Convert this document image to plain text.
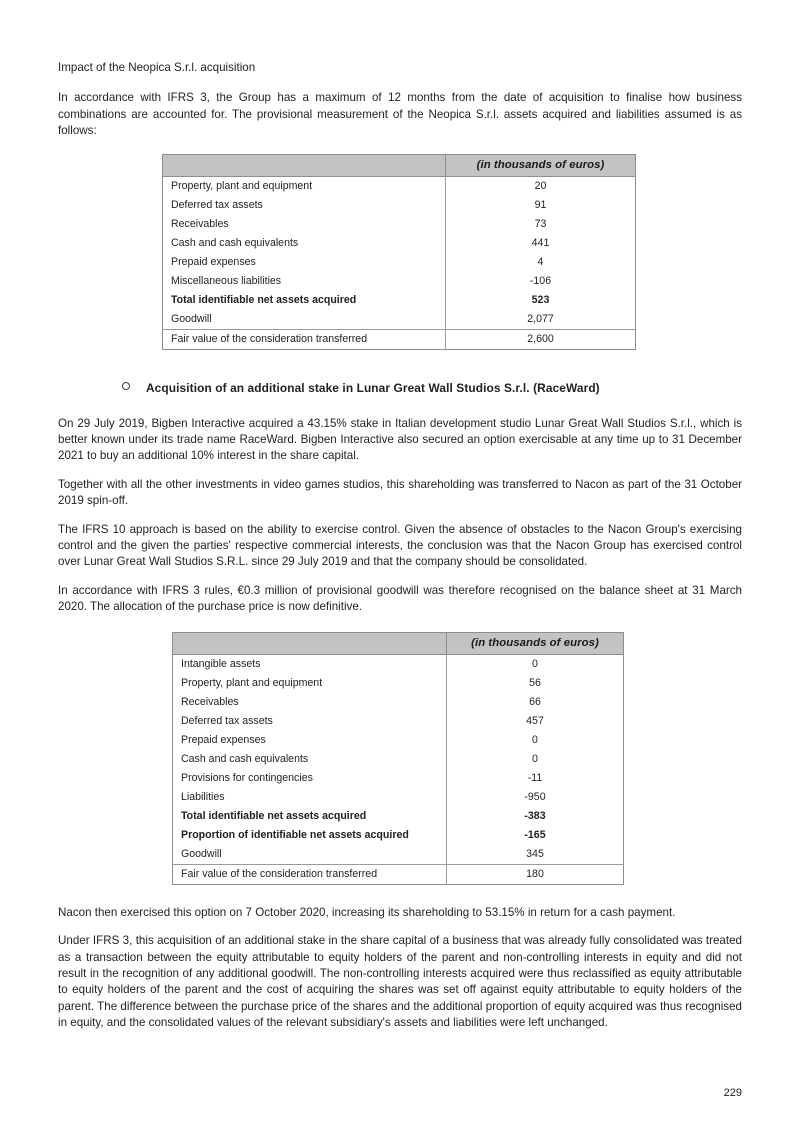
Impact of the Neopica S.r.l. acquisition

In accordance with IFRS 3, the Group has a maximum of 12 months from the date of acquisition to finalise how business combinations are accounted for. The provisional measurement of the Neopica S.r.l. assets acquired and liabilities assumed is as follows:

	(in thousands of euros)
Property, plant and equipment	20
Deferred tax assets	91
Receivables	73
Cash and cash equivalents	441
Prepaid expenses	4
Miscellaneous liabilities	-106
Total identifiable net assets acquired	523
Goodwill	2,077
Fair value of the consideration transferred	2,600
Acquisition of an additional stake in Lunar Great Wall Studios S.r.l. (RaceWard)

On 29 July 2019, Bigben Interactive acquired a 43.15% stake in Italian development studio Lunar Great Wall Studios S.r.l., which is better known under its trade name RaceWard. Bigben Interactive also secured an option exercisable at any time up to 31 December 2021 to buy an additional 10% interest in the share capital.

Together with all the other investments in video games studios, this shareholding was transferred to Nacon as part of the 31 October 2019 spin-off.

The IFRS 10 approach is based on the ability to exercise control. Given the absence of obstacles to the Nacon Group's exercising control and the given the parties' respective commercial interests, the conclusion was that the Nacon Group has exercised control over Lunar Great Wall Studios S.R.L. since 29 July 2019 and that the company should be consolidated.

In accordance with IFRS 3 rules, €0.3 million of provisional goodwill was therefore recognised on the balance sheet at 31 March 2020. The allocation of the purchase price is now definitive.

	(in thousands of euros)
Intangible assets	0
Property, plant and equipment	56
Receivables	66
Deferred tax assets	457
Prepaid expenses	0
Cash and cash equivalents	0
Provisions for contingencies	-11
Liabilities	-950
Total identifiable net assets acquired	-383
Proportion of identifiable net assets acquired	-165
Goodwill	345
Fair value of the consideration transferred	180

Nacon then exercised this option on 7 October 2020, increasing its shareholding to 53.15% in return for a cash payment.

Under IFRS 3, this acquisition of an additional stake in the share capital of a business that was already fully consolidated was treated as a transaction between the equity attributable to equity holders of the parent and non-controlling interests in equity and did not result in the recognition of any additional goodwill. The non-controlling interests acquired were thus reclassified as equity attributable to equity holders of the parent and the cost of acquiring the shares was set off against equity attributable to equity holders of the parent. The difference between the purchase price of the shares and the additional proportion of equity acquired was thus recognised in equity, and the consolidated values of the relevant subsidiary's assets and liabilities were left unchanged.

229
